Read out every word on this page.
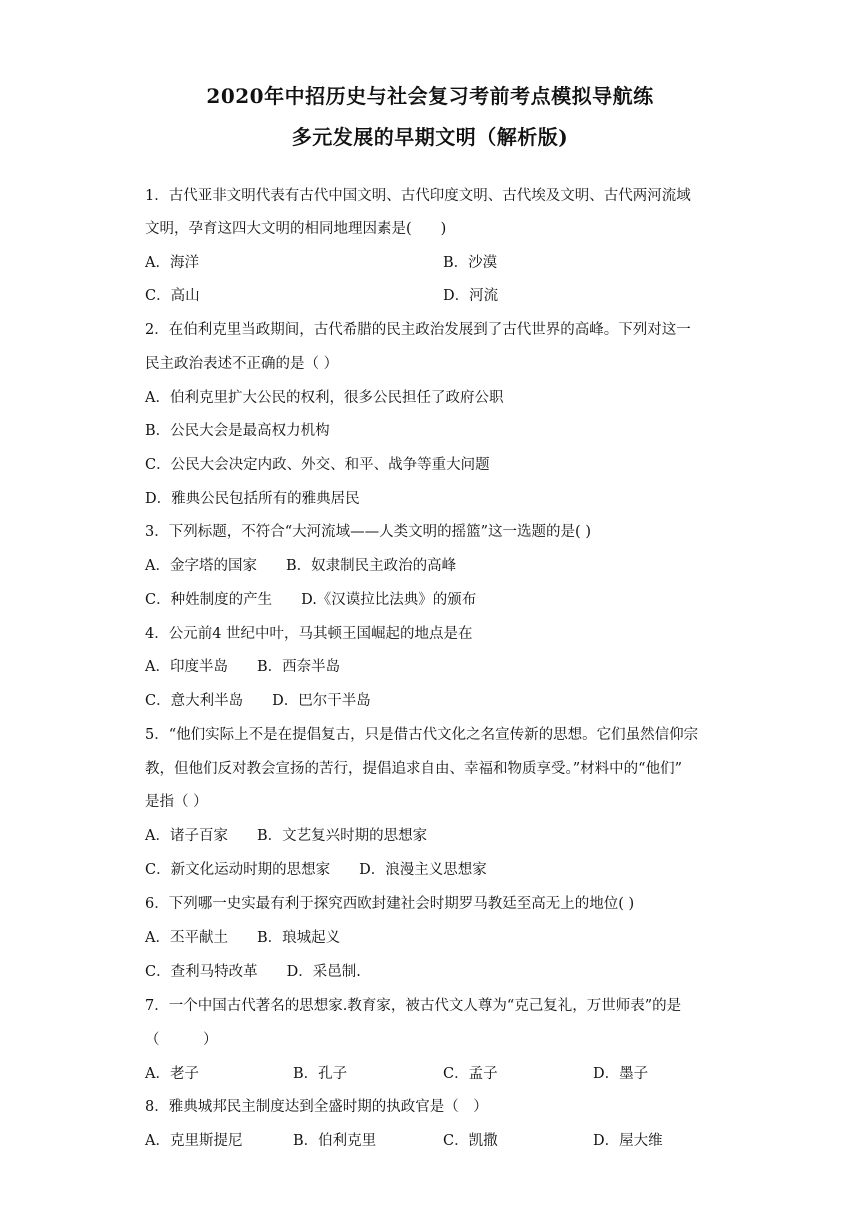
2020年中招历史与社会复习考前考点模拟导航练
多元发展的早期文明（解析版)
1．古代亚非文明代表有古代中国文明、古代印度文明、古代埃及文明、古代两河流域
文明，孕育这四大文明的相同地理因素是(　　)
A．海洋	B．沙漠
C．高山	D．河流
2．在伯利克里当政期间，古代希腊的民主政治发展到了古代世界的高峰。下列对这一
民主政治表述不正确的是（ ）
A．伯利克里扩大公民的权利，很多公民担任了政府公职
B．公民大会是最高权力机构
C．公民大会决定内政、外交、和平、战争等重大问题
D．雅典公民包括所有的雅典居民
3．下列标题，不符合“大河流域——人类文明的摇篮”这一选题的是( )
A．金字塔的国家　　B．奴隶制民主政治的高峰
C．种姓制度的产生　　D.《汉谟拉比法典》的颁布
4．公元前4 世纪中叶，马其顿王国崛起的地点是在
A．印度半岛　　B．西奈半岛
C．意大利半岛　　D．巴尔干半岛
5．“他们实际上不是在提倡复古，只是借古代文化之名宣传新的思想。它们虽然信仰宗
教，但他们反对教会宣扬的苦行，提倡追求自由、幸福和物质享受。”材料中的“他们”
是指（ ）
A．诸子百家　　B．文艺复兴时期的思想家
C．新文化运动时期的思想家　　D．浪漫主义思想家
6．下列哪一史实最有利于探究西欧封建社会时期罗马教廷至高无上的地位( )
A．丕平献土　　B．琅城起义
C．查利马特改革　　D．采邑制.
7．一个中国古代著名的思想家.教育家，被古代文人尊为“克己复礼，万世师表”的是
（　　　）
A．老子	B．孔子	C．孟子	D．墨子
8．雅典城邦民主制度达到全盛时期的执政官是（　）
A．克里斯提尼	B．伯利克里	C．凯撒	D．屋大维
